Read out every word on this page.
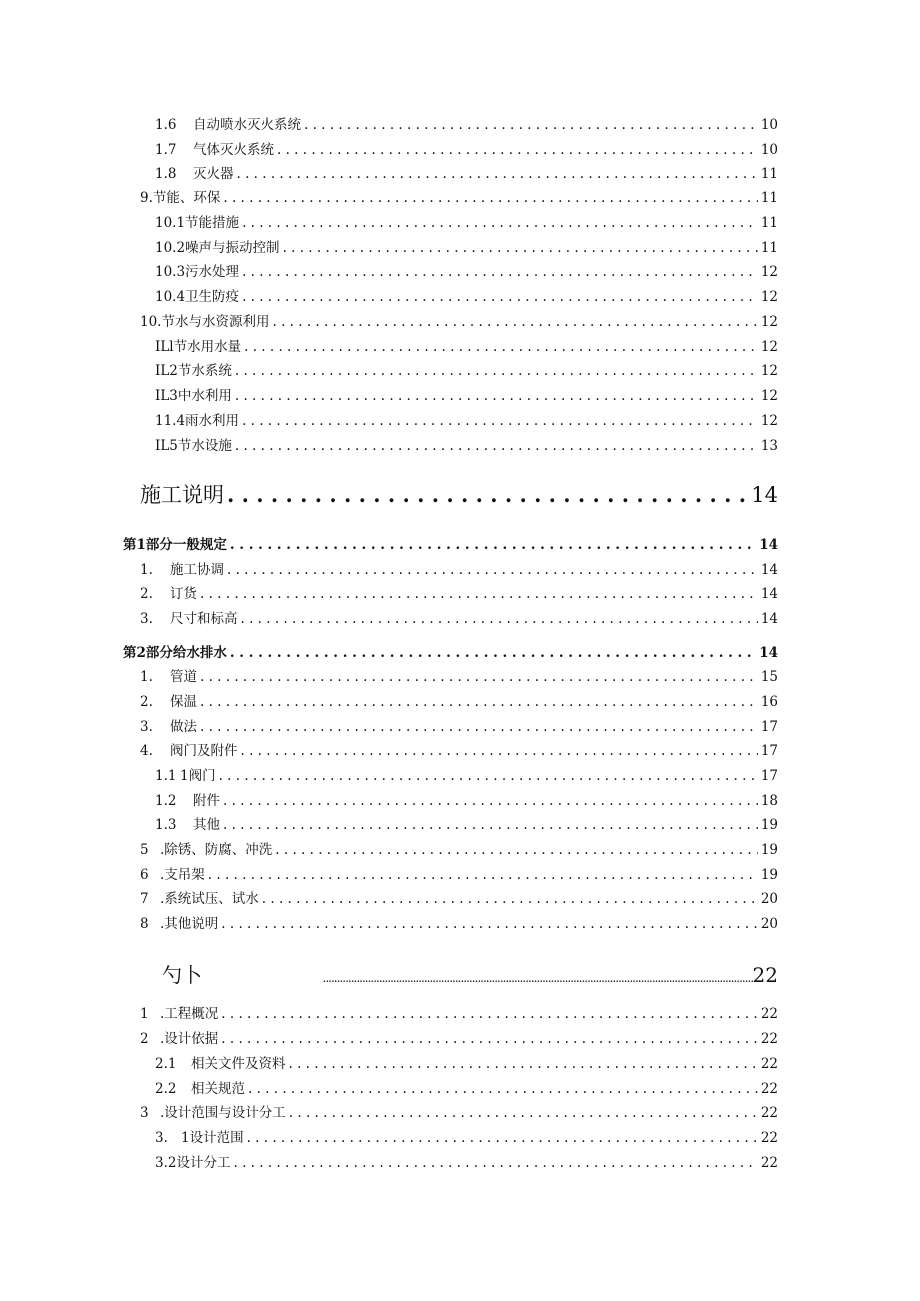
1.6	自动喷水灭火系统 . . .	10
1.7	气体灭火系统 . . .	10
1.8	灭火器 . . .	11
9.节能、环保 . . .	11
10.1节能措施 . . .	11
10.2噪声与振动控制 . . .	11
10.3污水处理 . . .	12
10.4卫生防疫 . . .	12
10.节水与水资源利用 . . .	12
ILl节水用水量 . . .	12
IL2节水系统 . . .	12
IL3中水利用 . . .	12
11.4雨水利用 . . .	12
IL5节水设施 . . .	13
施工说明 . . .	14
第1部分一般规定 . . .	14
1.	施工协调 . . .	14
2.	订货 . . .	14
3.	尺寸和标高 . . .	14
第2部分给水排水 . . .	14
1.	管道 . . .	15
2.	保温 . . .	16
3.	做法 . . .	17
4.	阀门及附件 . . .	17
1.1 1阀门 . . .	17
1.2	附件 . . .	18
1.3	其他 . . .	19
5 .除锈、防腐、冲洗 . . .	19
6 .支吊架 . . .	19
7 .系统试压、试水 . . .	20
8 .其他说明 . . .	20
勺卜 .....	22
1 .工程概况 . . .	22
2 .设计依据 . . .	22
2.1	相关文件及资料 . . .	22
2.2	相关规范 . . .	22
3 .设计范围与设计分工 . . .	22
3. 1设计范围 . . .	22
3.2设计分工 . . .	22
